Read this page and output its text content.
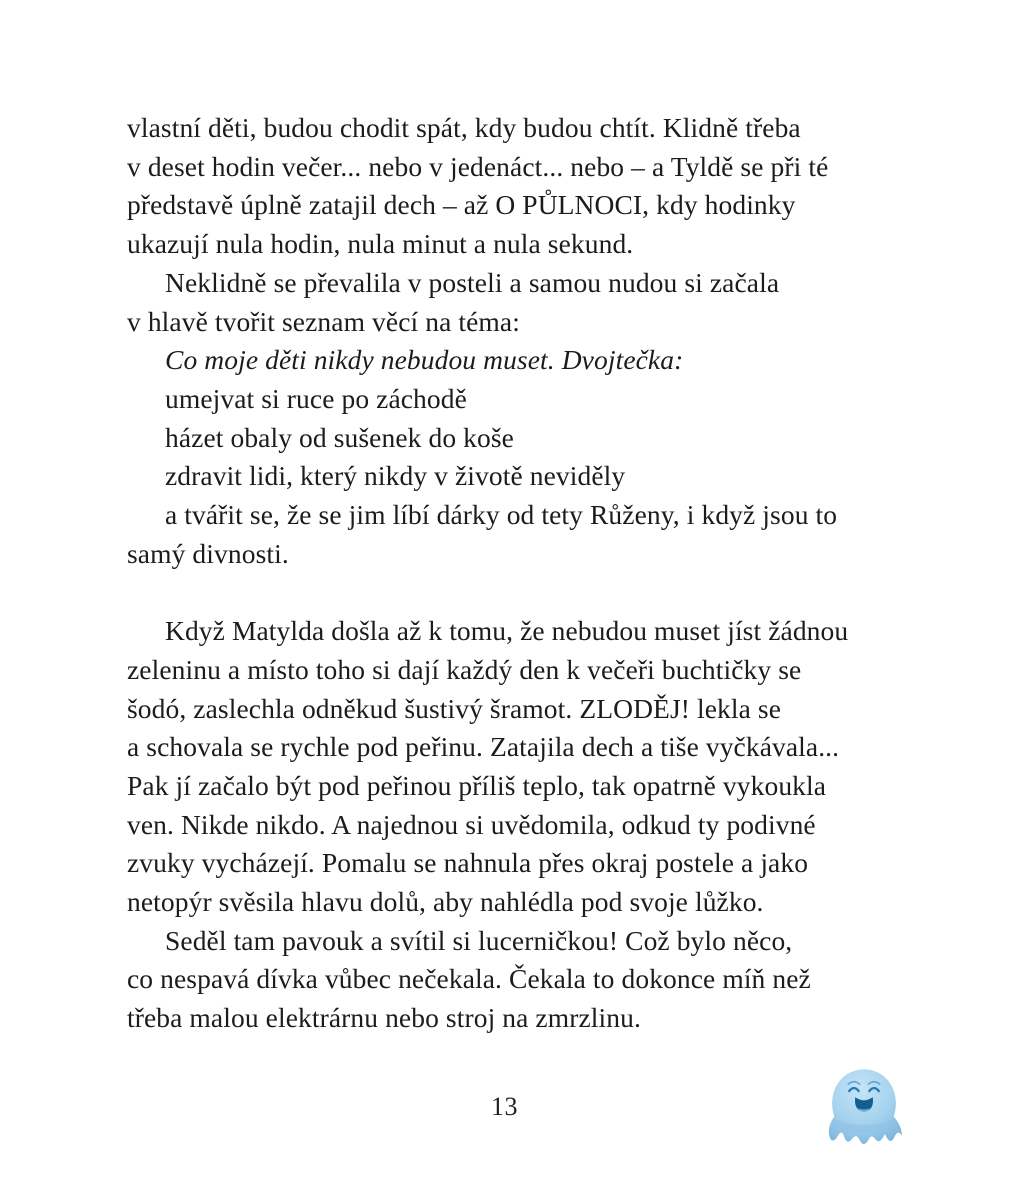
vlastní děti, budou chodit spát, kdy budou chtít. Klidně třeba
v deset hodin večer... nebo v jedenáct... nebo – a Tyldě se při té
představě úplně zatajil dech – až O PŮLNOCI, kdy hodinky
ukazují nula hodin, nula minut a nula sekund.
Neklidně se převalila v posteli a samou nudou si začala
v hlavě tvořit seznam věcí na téma:
Co moje děti nikdy nebudou muset. Dvojtečka:
umejvat si ruce po záchodě
házet obaly od sušenek do koše
zdravit lidi, který nikdy v životě neviděly
a tvářit se, že se jim líbí dárky od tety Růženy, i když jsou to
samý divnosti.
Když Matylda došla až k tomu, že nebudou muset jíst žádnou
zeleninu a místo toho si dají každý den k večeři buchtičky se
šodó, zaslechla odněkud šustivý šramot. ZLODĚJ! lekla se
a schovala se rychle pod peřinu. Zatajila dech a tiše vyčkávala...
Pak jí začalo být pod peřinou příliš teplo, tak opatrně vykoukla
ven. Nikde nikdo. A najednou si uvědomila, odkud ty podivné
zvuky vycházejí. Pomalu se nahnula přes okraj postele a jako
netopýr svěsila hlavu dolů, aby nahlédla pod svoje lůžko.
Seděl tam pavouk a svítil si lucerničkou! Což bylo něco,
co nespavá dívka vůbec nečekala. Čekala to dokonce míň než
třeba malou elektrárnu nebo stroj na zmrzlinu.
13
